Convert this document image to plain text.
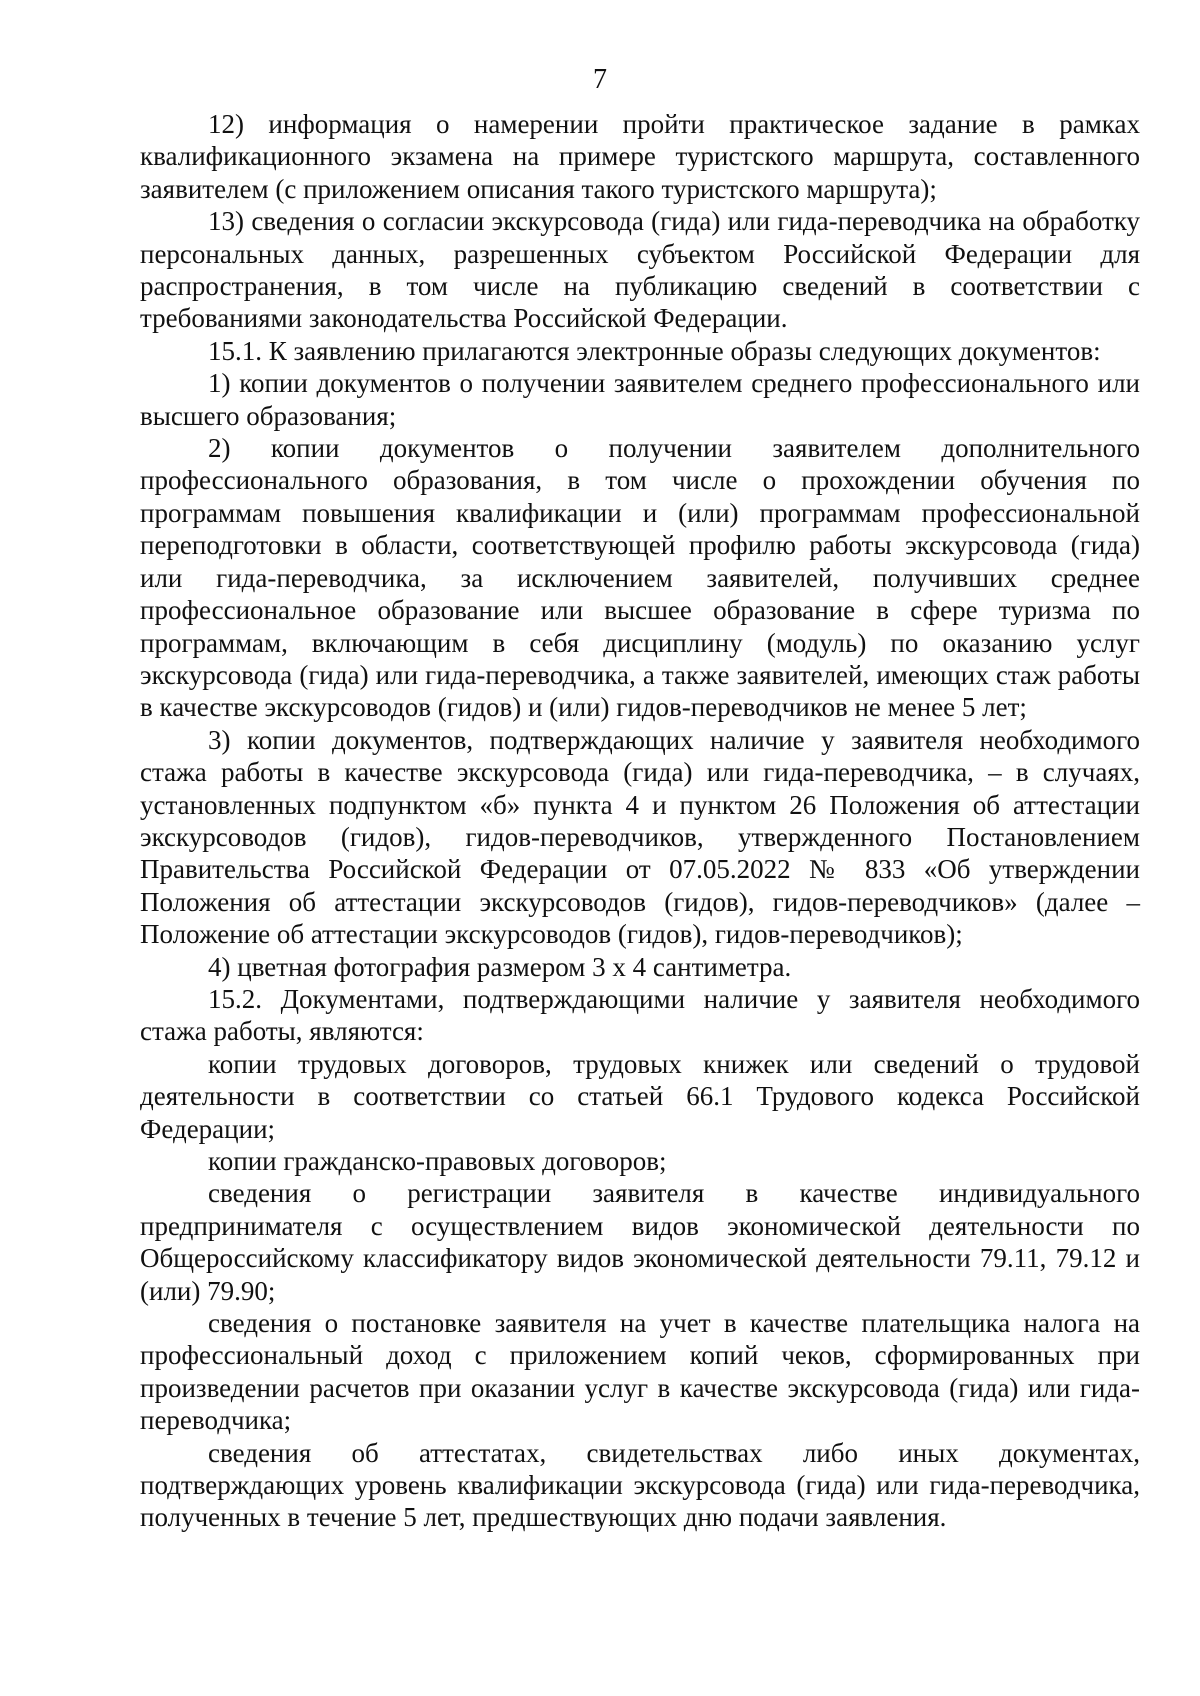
7

12) информация о намерении пройти практическое задание в рамках квалификационного экзамена на примере туристского маршрута, составленного заявителем (с приложением описания такого туристского маршрута);

13) сведения о согласии экскурсовода (гида) или гида-переводчика на обработку персональных данных, разрешенных субъектом Российской Федерации для распространения, в том числе на публикацию сведений в соответствии с требованиями законодательства Российской Федерации.

15.1. К заявлению прилагаются электронные образы следующих документов:

1) копии документов о получении заявителем среднего профессионального или высшего образования;

2) копии документов о получении заявителем дополнительного профессионального образования, в том числе о прохождении обучения по программам повышения квалификации и (или) программам профессиональной переподготовки в области, соответствующей профилю работы экскурсовода (гида) или гида-переводчика, за исключением заявителей, получивших среднее профессиональное образование или высшее образование в сфере туризма по программам, включающим в себя дисциплину (модуль) по оказанию услуг экскурсовода (гида) или гида-переводчика, а также заявителей, имеющих стаж работы в качестве экскурсоводов (гидов) и (или) гидов-переводчиков не менее 5 лет;

3) копии документов, подтверждающих наличие у заявителя необходимого стажа работы в качестве экскурсовода (гида) или гида-переводчика, – в случаях, установленных подпунктом «б» пункта 4 и пунктом 26 Положения об аттестации экскурсоводов (гидов), гидов-переводчиков, утвержденного Постановлением Правительства Российской Федерации от 07.05.2022 № 833 «Об утверждении Положения об аттестации экскурсоводов (гидов), гидов-переводчиков» (далее – Положение об аттестации экскурсоводов (гидов), гидов-переводчиков);

4) цветная фотография размером 3 x 4 сантиметра.

15.2. Документами, подтверждающими наличие у заявителя необходимого стажа работы, являются:

копии трудовых договоров, трудовых книжек или сведений о трудовой деятельности в соответствии со статьей 66.1 Трудового кодекса Российской Федерации;

копии гражданско-правовых договоров;

сведения о регистрации заявителя в качестве индивидуального предпринимателя с осуществлением видов экономической деятельности по Общероссийскому классификатору видов экономической деятельности 79.11, 79.12 и (или) 79.90;

сведения о постановке заявителя на учет в качестве плательщика налога на профессиональный доход с приложением копий чеков, сформированных при произведении расчетов при оказании услуг в качестве экскурсовода (гида) или гида-переводчика;

сведения об аттестатах, свидетельствах либо иных документах, подтверждающих уровень квалификации экскурсовода (гида) или гида-переводчика, полученных в течение 5 лет, предшествующих дню подачи заявления.
